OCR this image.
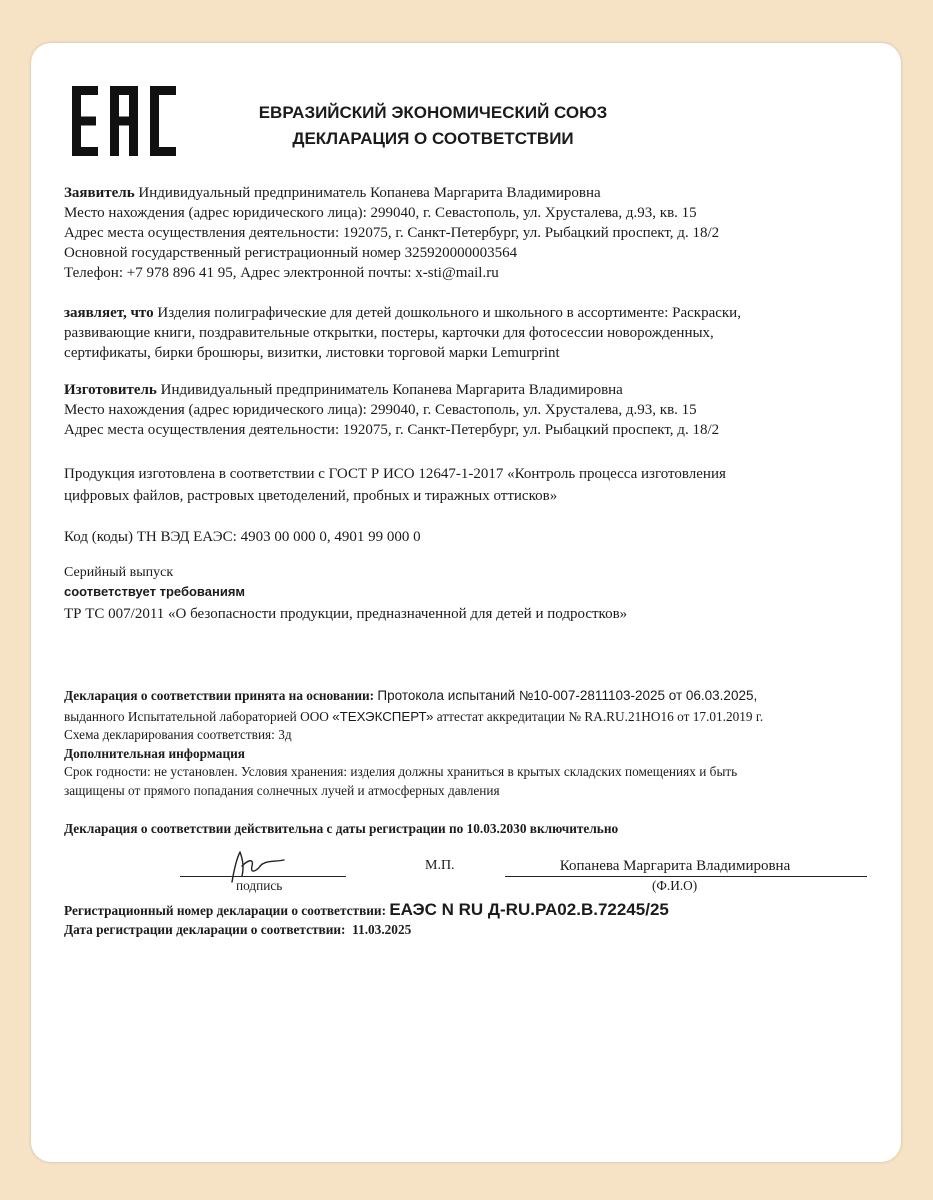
ЕВРАЗИЙСКИЙ ЭКОНОМИЧЕСКИЙ СОЮЗ
ДЕКЛАРАЦИЯ О СООТВЕТСТВИИ

Заявитель Индивидуальный предприниматель Копанева Маргарита Владимировна

Место нахождения (адрес юридического лица): 299040, г. Севастополь, ул. Хрусталева, д.93, кв. 15

Адрес места осуществления деятельности: 192075, г. Санкт-Петербург, ул. Рыбацкий проспект, д. 18/2

Основной государственный регистрационный номер 325920000003564

Телефон: +7 978 896 41 95, Адрес электронной почты: x-sti@mail.ru

заявляет, что Изделия полиграфические для детей дошкольного и школьного в ассортименте: Раскраски,

развивающие книги, поздравительные открытки, постеры, карточки для фотосессии новорожденных,

сертификаты, бирки брошюры, визитки, листовки торговой марки Lemurprint

Изготовитель Индивидуальный предприниматель Копанева Маргарита Владимировна

Место нахождения (адрес юридического лица): 299040, г. Севастополь, ул. Хрусталева, д.93, кв. 15

Адрес места осуществления деятельности: 192075, г. Санкт-Петербург, ул. Рыбацкий проспект, д. 18/2

Продукция изготовлена в соответствии с ГОСТ Р ИСО 12647-1-2017 «Контроль процесса изготовления

цифровых файлов, растровых цветоделений, пробных и тиражных оттисков»

Код (коды) ТН ВЭД ЕАЭС: 4903 00 000 0, 4901 99 000 0
Серийный выпуск
соответствует требованиям
ТР ТС 007/2011 «О безопасности продукции, предназначенной для детей и подростков»

Декларация о соответствии принята на основании: Протокола испытаний №10-007-2811103-2025 от 06.03.2025,

выданного Испытательной лабораторией ООО «ТЕХЭКСПЕРТ» аттестат аккредитации № RA.RU.21НО16 от 17.01.2019 г.

Схема декларирования соответствия: 3д

Дополнительная информация

Срок годности: не установлен. Условия хранения: изделия должны храниться в крытых складских помещениях и быть

защищены от прямого попадания солнечных лучей и атмосферных давления

Декларация о соответствии действительна с даты регистрации по 10.03.2030 включительно
подпись
М.П.	Копанева Маргарита Владимировна
(Ф.И.О)
Регистрационный номер декларации о соответствии: ЕАЭС N RU Д-RU.PA02.B.72245/25
Дата регистрации декларации о соответствии: 11.03.2025
